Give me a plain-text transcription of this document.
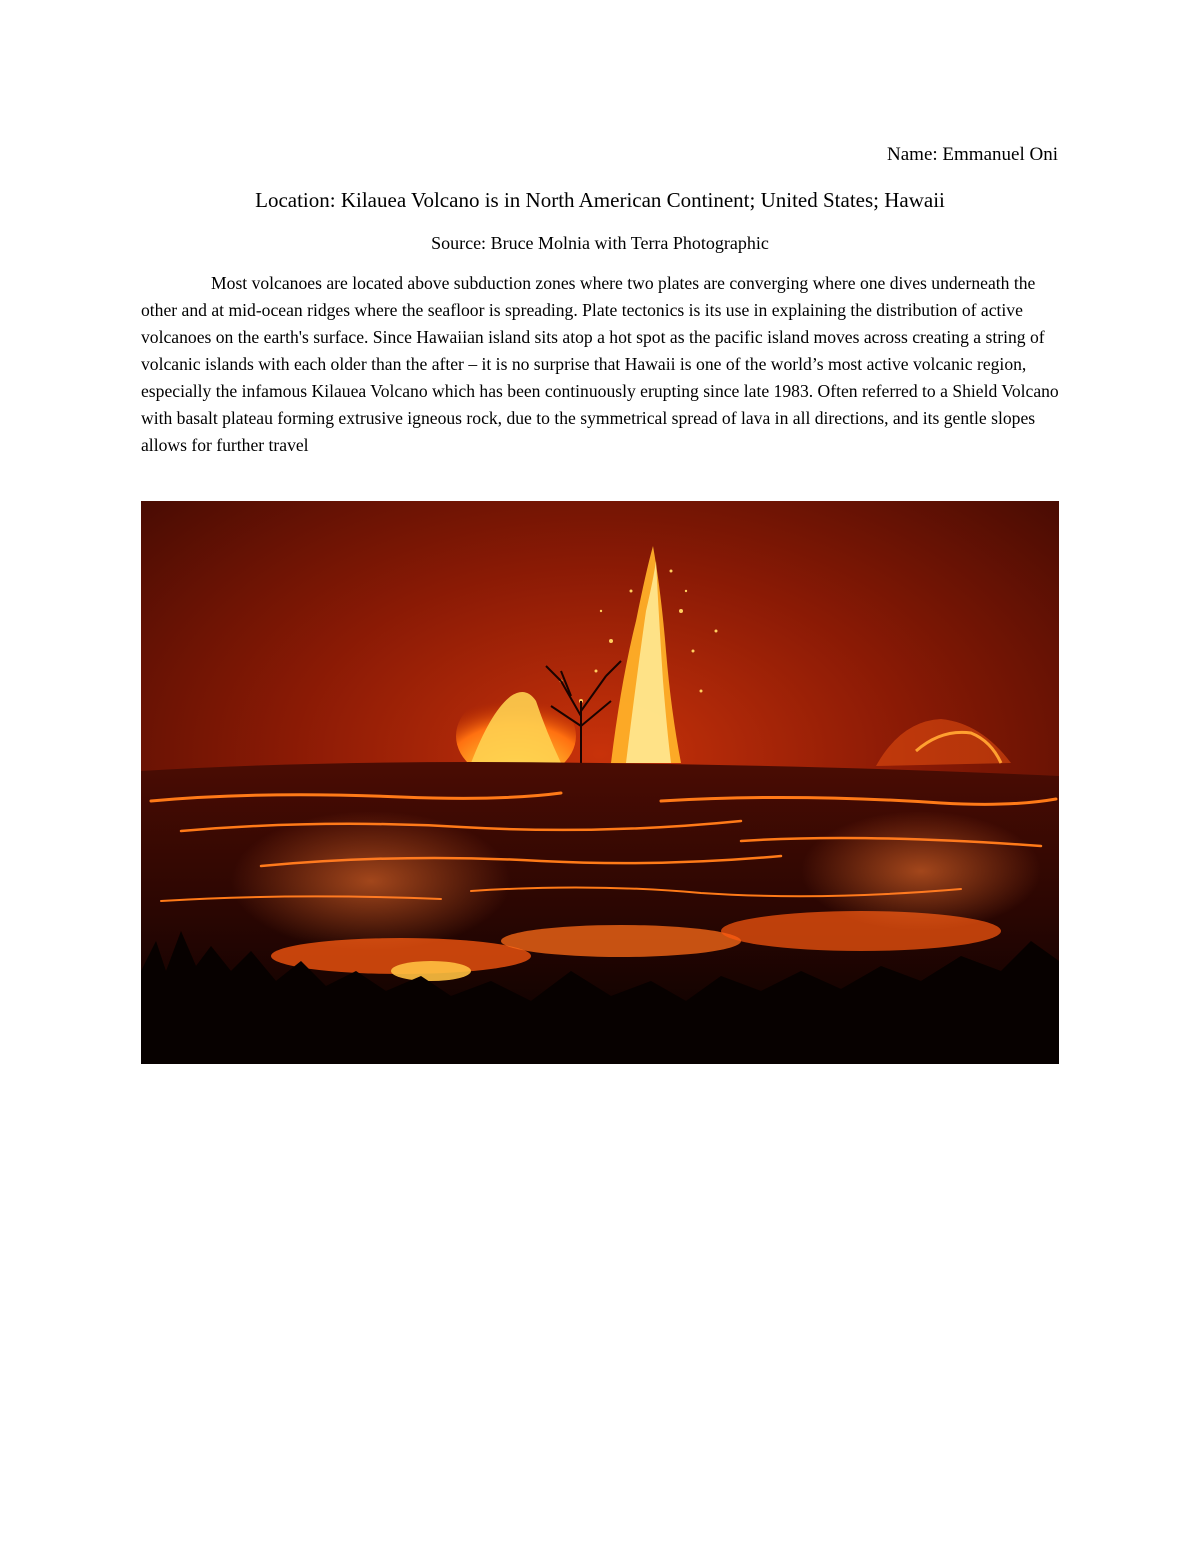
Name: Emmanuel Oni
Location: Kilauea Volcano is in North American Continent; United States; Hawaii
Source: Bruce Molnia with Terra Photographic

Most volcanoes are located above subduction zones where two plates are converging where one dives underneath the other and at mid-ocean ridges where the seafloor is spreading. Plate tectonics is its use in explaining the distribution of active volcanoes on the earth's surface. Since Hawaiian island sits atop a hot spot as the pacific island moves across creating a string of volcanic islands with each older than the after – it is no surprise that Hawaii is one of the world’s most active volcanic region, especially the infamous Kilauea Volcano which has been continuously erupting since late 1983. Often referred to a Shield Volcano with basalt plateau forming extrusive igneous rock, due to the symmetrical spread of lava in all directions, and its gentle slopes allows for further travel
